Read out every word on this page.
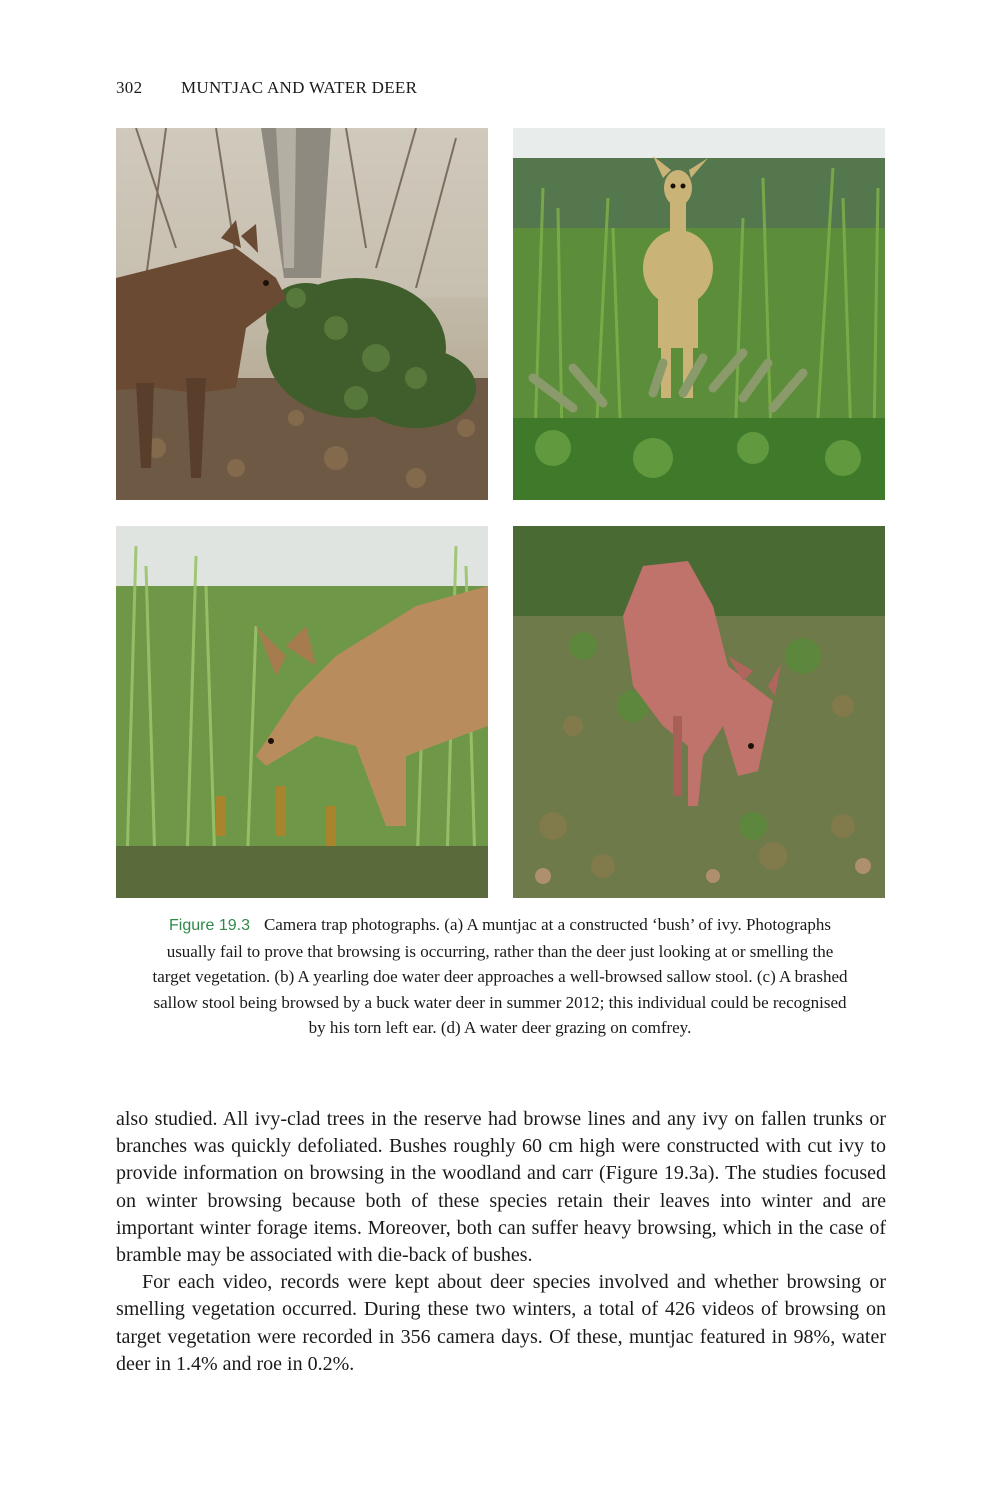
302 MUNTJAC AND WATER DEER
Figure 19.3 Camera trap photographs. (a) A muntjac at a constructed ‘bush’ of ivy. Photographs usually fail to prove that browsing is occurring, rather than the deer just looking at or smelling the target vegetation. (b) A yearling doe water deer approaches a well-browsed sallow stool. (c) A brashed sallow stool being browsed by a buck water deer in summer 2012; this individual could be recognised by his torn left ear. (d) A water deer grazing on comfrey.

also studied. All ivy-clad trees in the reserve had browse lines and any ivy on fallen trunks or branches was quickly defoliated. Bushes roughly 60 cm high were constructed with cut ivy to provide information on browsing in the woodland and carr (Figure 19.3a). The studies focused on winter browsing because both of these species retain their leaves into winter and are important winter forage items. Moreover, both can suffer heavy browsing, which in the case of bramble may be associated with die-back of bushes.

For each video, records were kept about deer species involved and whether browsing or smelling vegetation occurred. During these two winters, a total of 426 videos of browsing on target vegetation were recorded in 356 camera days. Of these, muntjac featured in 98%, water deer in 1.4% and roe in 0.2%.
